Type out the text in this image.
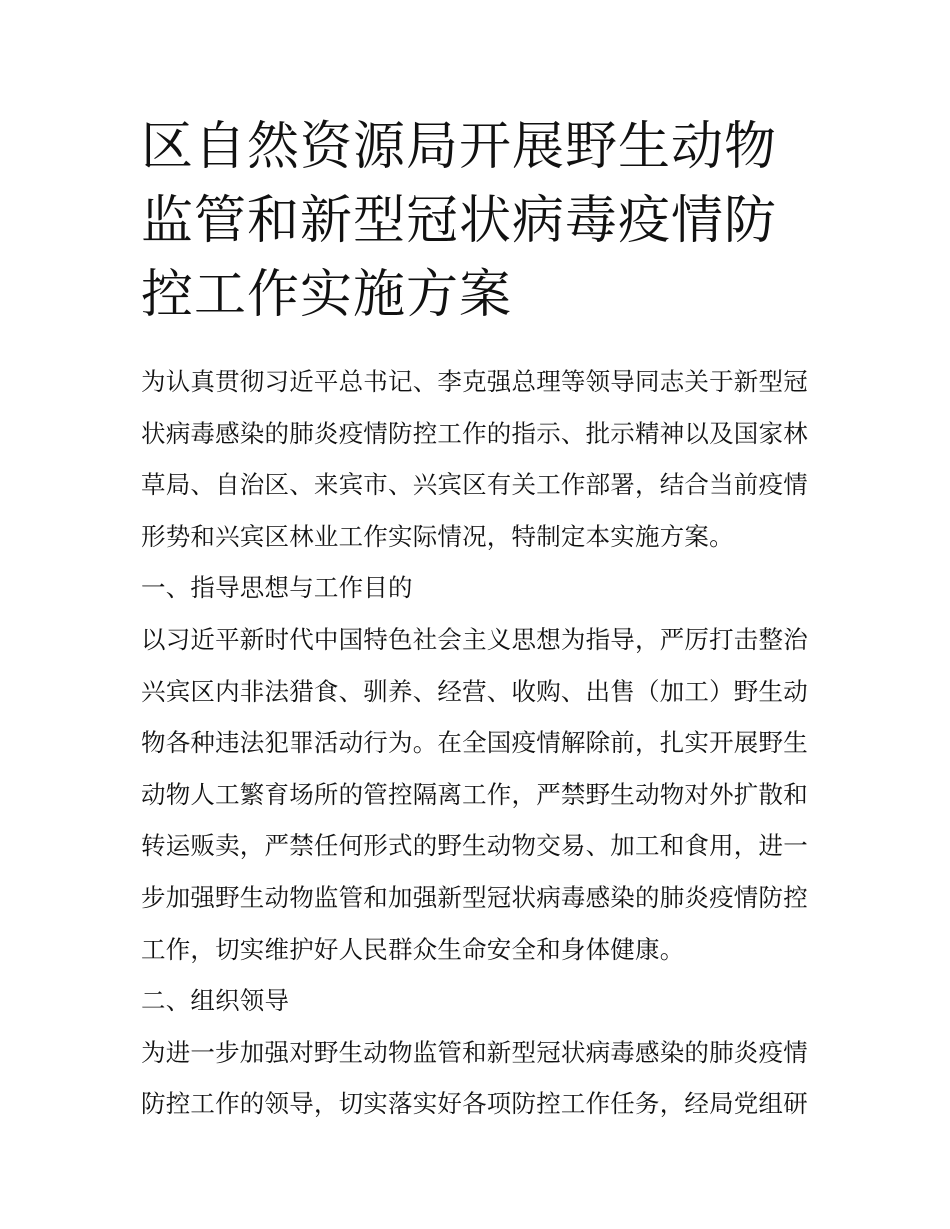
区自然资源局开展野生动物监管和新型冠状病毒疫情防控工作实施方案

为认真贯彻习近平总书记、李克强总理等领导同志关于新型冠状病毒感染的肺炎疫情防控工作的指示、批示精神以及国家林草局、自治区、来宾市、兴宾区有关工作部署，结合当前疫情形势和兴宾区林业工作实际情况，特制定本实施方案。

一、指导思想与工作目的

以习近平新时代中国特色社会主义思想为指导，严厉打击整治兴宾区内非法猎食、驯养、经营、收购、出售（加工）野生动物各种违法犯罪活动行为。在全国疫情解除前，扎实开展野生动物人工繁育场所的管控隔离工作，严禁野生动物对外扩散和转运贩卖，严禁任何形式的野生动物交易、加工和食用，进一步加强野生动物监管和加强新型冠状病毒感染的肺炎疫情防控工作，切实维护好人民群众生命安全和身体健康。

二、组织领导

为进一步加强对野生动物监管和新型冠状病毒感染的肺炎疫情防控工作的领导，切实落实好各项防控工作任务，经局党组研
